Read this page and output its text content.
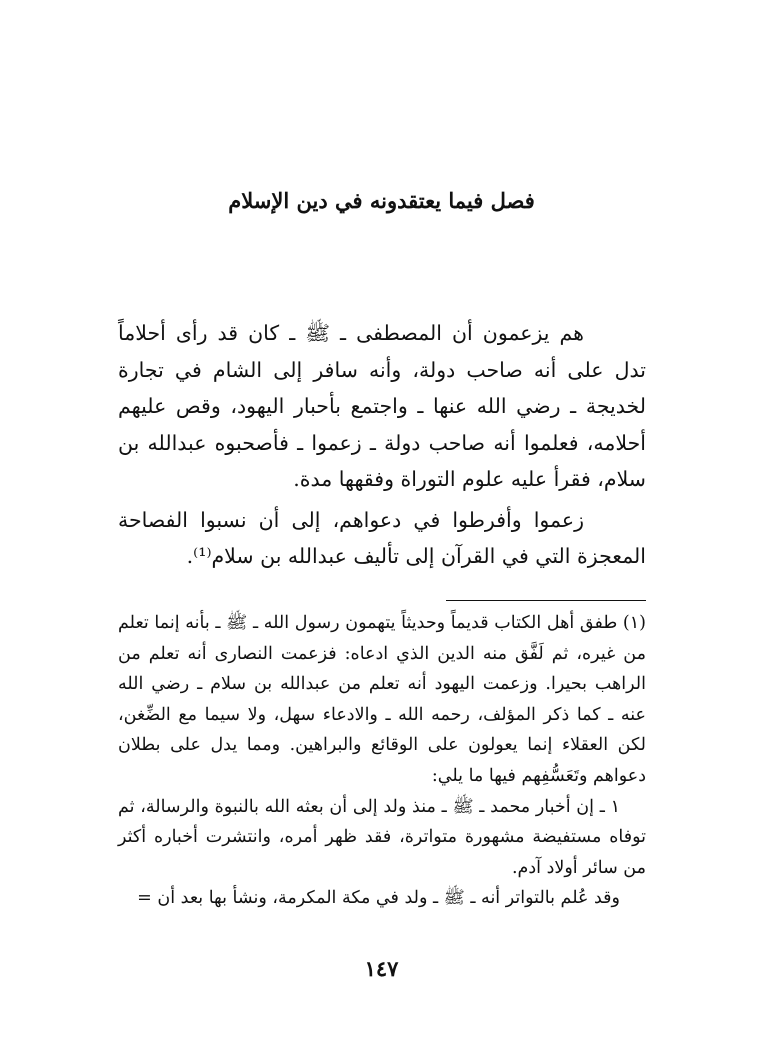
فصل فيما يعتقدونه في دين الإسلام

هم يزعمون أن المصطفى ـ ﷺ ـ كان قد رأى أحلاماً تدل على أنه صاحب دولة، وأنه سافر إلى الشام في تجارة لخديجة ـ رضي الله عنها ـ واجتمع بأحبار اليهود، وقص عليهم أحلامه، فعلموا أنه صاحب دولة ـ زعموا ـ فأصحبوه عبدالله بن سلام، فقرأ عليه علوم التوراة وفقهها مدة.

زعموا وأفرطوا في دعواهم، إلى أن نسبوا الفصاحة المعجزة التي في القرآن إلى تأليف عبدالله بن سلام⁽¹⁾.

(١) طفق أهل الكتاب قديماً وحديثاً يتهمون رسول الله ـ ﷺ ـ بأنه إنما تعلم من غيره، ثم لَفَّق منه الدين الذي ادعاه: فزعمت النصارى أنه تعلم من الراهب بحيرا. وزعمت اليهود أنه تعلم من عبدالله بن سلام ـ رضي الله عنه ـ كما ذكر المؤلف، رحمه الله ـ والادعاء سهل، ولا سيما مع الضِّغن، لكن العقلاء إنما يعولون على الوقائع والبراهين. ومما يدل على بطلان دعواهم وتَعَسُّفِهم فيها ما يلي:

١ ـ إن أخبار محمد ـ ﷺ ـ منذ ولد إلى أن بعثه الله بالنبوة والرسالة، ثم توفاه مستفيضة مشهورة متواترة، فقد ظهر أمره، وانتشرت أخباره أكثر من سائر أولاد آدم.

وقد عُلم بالتواتر أنه ـ ﷺ ـ ولد في مكة المكرمة، ونشأ بها بعد أن =

١٤٧
